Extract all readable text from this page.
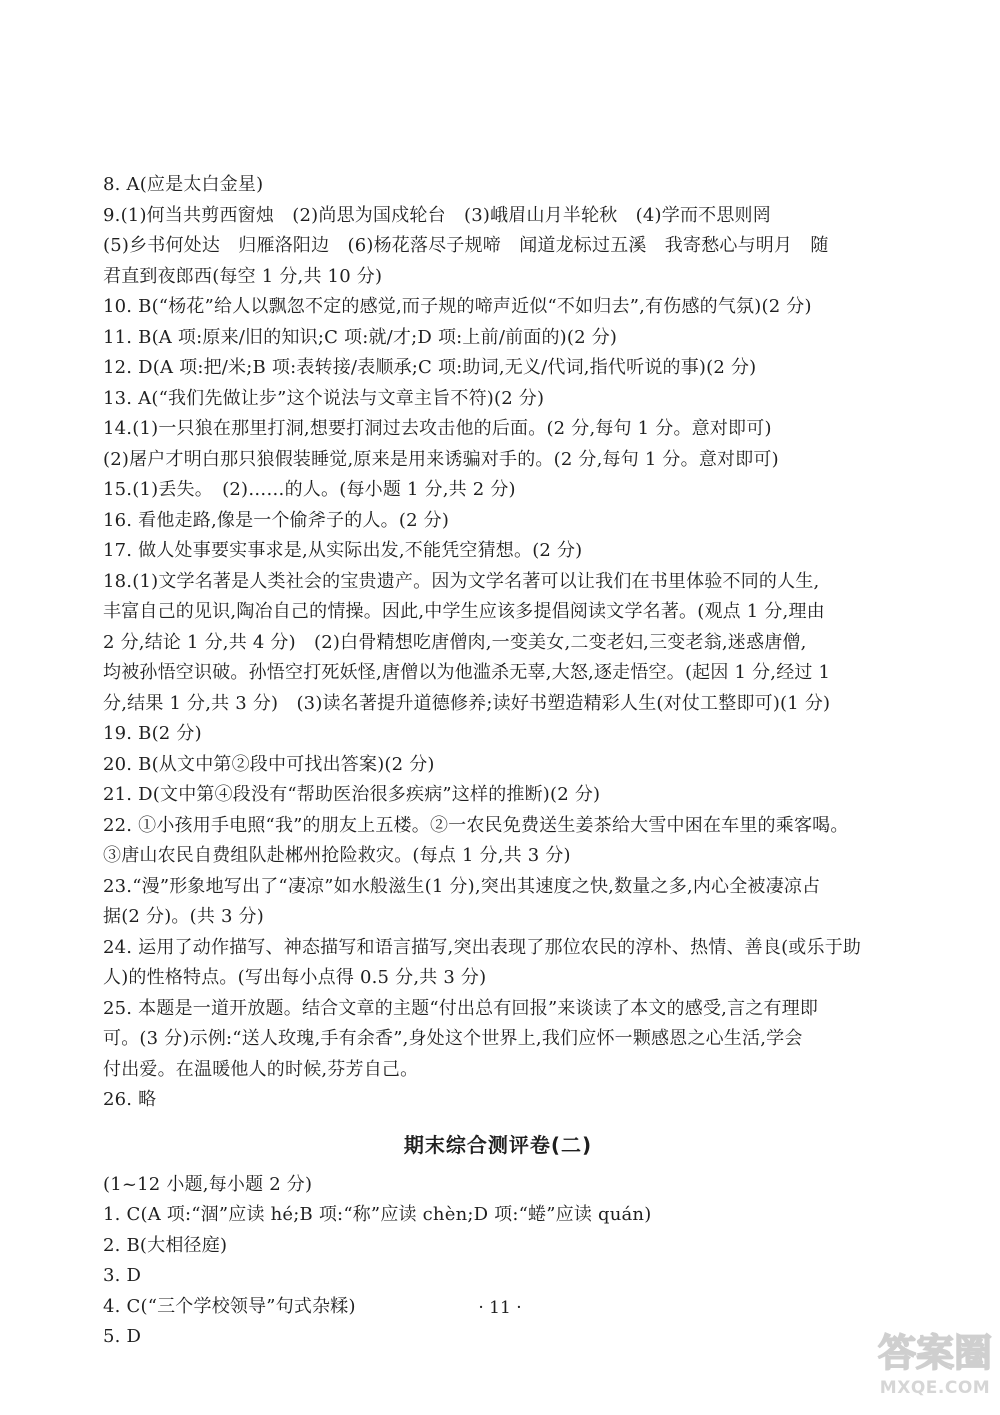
8. A(应是太白金星)
9.(1)何当共剪西窗烛　(2)尚思为国戍轮台　(3)峨眉山月半轮秋　(4)学而不思则罔
(5)乡书何处达　归雁洛阳边　(6)杨花落尽子规啼　闻道龙标过五溪　我寄愁心与明月　随
君直到夜郎西(每空 1 分,共 10 分)
10. B(“杨花”给人以飘忽不定的感觉,而子规的啼声近似“不如归去”,有伤感的气氛)(2 分)
11. B(A 项:原来/旧的知识;C 项:就/才;D 项:上前/前面的)(2 分)
12. D(A 项:把/米;B 项:表转接/表顺承;C 项:助词,无义/代词,指代听说的事)(2 分)
13. A(“我们先做让步”这个说法与文章主旨不符)(2 分)
14.(1)一只狼在那里打洞,想要打洞过去攻击他的后面。(2 分,每句 1 分。意对即可)
(2)屠户才明白那只狼假装睡觉,原来是用来诱骗对手的。(2 分,每句 1 分。意对即可)
15.(1)丢失。　(2)……的人。(每小题 1 分,共 2 分)
16. 看他走路,像是一个偷斧子的人。(2 分)
17. 做人处事要实事求是,从实际出发,不能凭空猜想。(2 分)
18.(1)文学名著是人类社会的宝贵遗产。因为文学名著可以让我们在书里体验不同的人生,
丰富自己的见识,陶冶自己的情操。因此,中学生应该多提倡阅读文学名著。(观点 1 分,理由
2 分,结论 1 分,共 4 分)　(2)白骨精想吃唐僧肉,一变美女,二变老妇,三变老翁,迷惑唐僧,
均被孙悟空识破。孙悟空打死妖怪,唐僧以为他滥杀无辜,大怒,逐走悟空。(起因 1 分,经过 1
分,结果 1 分,共 3 分)　(3)读名著提升道德修养;读好书塑造精彩人生(对仗工整即可)(1 分)
19. B(2 分)
20. B(从文中第②段中可找出答案)(2 分)
21. D(文中第④段没有“帮助医治很多疾病”这样的推断)(2 分)
22. ①小孩用手电照“我”的朋友上五楼。②一农民免费送生姜茶给大雪中困在车里的乘客喝。
③唐山农民自费组队赴郴州抢险救灾。(每点 1 分,共 3 分)
23.“漫”形象地写出了“凄凉”如水般滋生(1 分),突出其速度之快,数量之多,内心全被凄凉占
据(2 分)。(共 3 分)
24. 运用了动作描写、神态描写和语言描写,突出表现了那位农民的淳朴、热情、善良(或乐于助
人)的性格特点。(写出每小点得 0.5 分,共 3 分)
25. 本题是一道开放题。结合文章的主题“付出总有回报”来谈读了本文的感受,言之有理即
可。(3 分)示例:“送人玫瑰,手有余香”,身处这个世界上,我们应怀一颗感恩之心生活,学会
付出爱。在温暖他人的时候,芬芳自己。
26. 略
期末综合测评卷(二)
(1~12 小题,每小题 2 分)
1. C(A 项:“涸”应读 hé;B 项:“称”应读 chèn;D 项:“蜷”应读 quán)
2. B(大相径庭)
3. D
4. C(“三个学校领导”句式杂糅)
5. D
· 11 ·
答案圈
MXQE.COM
